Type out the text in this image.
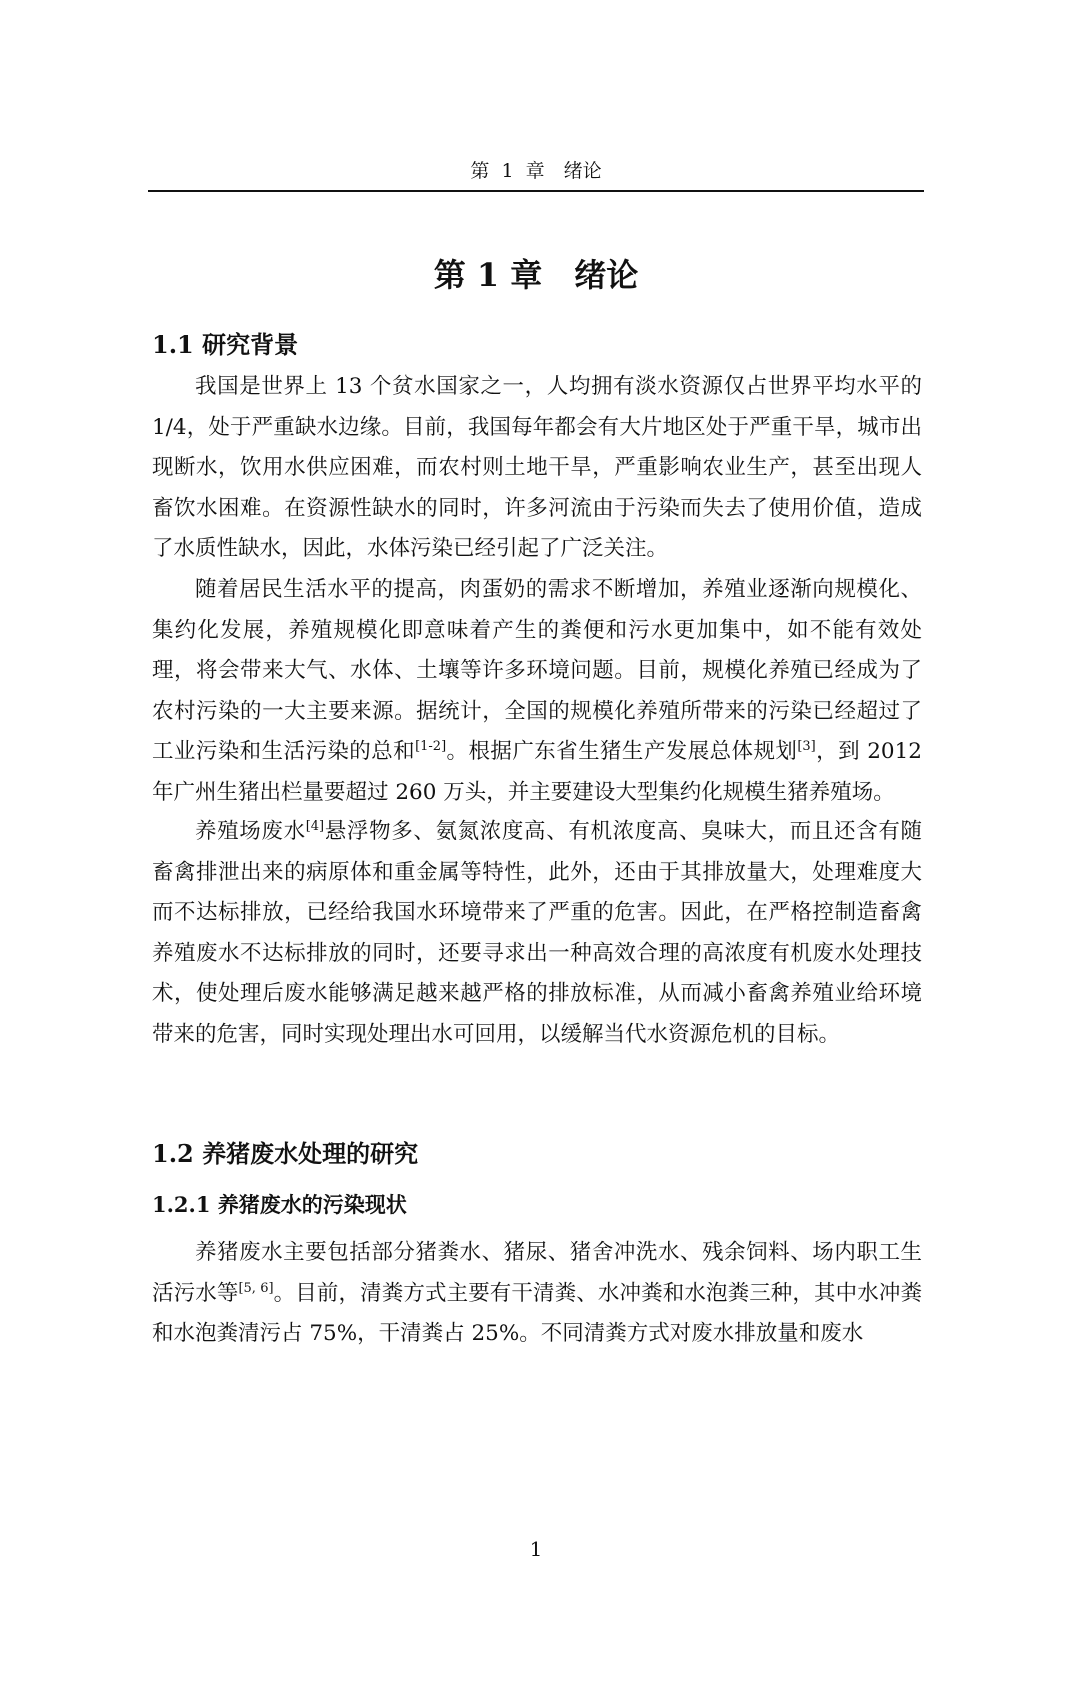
第 1 章　绪论
第 1 章　绪论
1.1 研究背景

我国是世界上 13 个贫水国家之一，人均拥有淡水资源仅占世界平均水平的 1/4，处于严重缺水边缘。目前，我国每年都会有大片地区处于严重干旱，城市出现断水，饮用水供应困难，而农村则土地干旱，严重影响农业生产，甚至出现人畜饮水困难。在资源性缺水的同时，许多河流由于污染而失去了使用价值，造成了水质性缺水，因此，水体污染已经引起了广泛关注。

随着居民生活水平的提高，肉蛋奶的需求不断增加，养殖业逐渐向规模化、集约化发展，养殖规模化即意味着产生的粪便和污水更加集中，如不能有效处理，将会带来大气、水体、土壤等许多环境问题。目前，规模化养殖已经成为了农村污染的一大主要来源。据统计，全国的规模化养殖所带来的污染已经超过了工业污染和生活污染的总和[1-2]。根据广东省生猪生产发展总体规划[3]，到 2012 年广州生猪出栏量要超过 260 万头，并主要建设大型集约化规模生猪养殖场。

养殖场废水[4]悬浮物多、氨氮浓度高、有机浓度高、臭味大，而且还含有随畜禽排泄出来的病原体和重金属等特性，此外，还由于其排放量大，处理难度大而不达标排放，已经给我国水环境带来了严重的危害。因此，在严格控制造畜禽养殖废水不达标排放的同时，还要寻求出一种高效合理的高浓度有机废水处理技术，使处理后废水能够满足越来越严格的排放标准，从而减小畜禽养殖业给环境带来的危害，同时实现处理出水可回用，以缓解当代水资源危机的目标。

1.2 养猪废水处理的研究
1.2.1 养猪废水的污染现状

养猪废水主要包括部分猪粪水、猪尿、猪舍冲洗水、残余饲料、场内职工生活污水等[5, 6]。目前，清粪方式主要有干清粪、水冲粪和水泡粪三种，其中水冲粪和水泡粪清污占 75%，干清粪占 25%。不同清粪方式对废水排放量和废水

1
